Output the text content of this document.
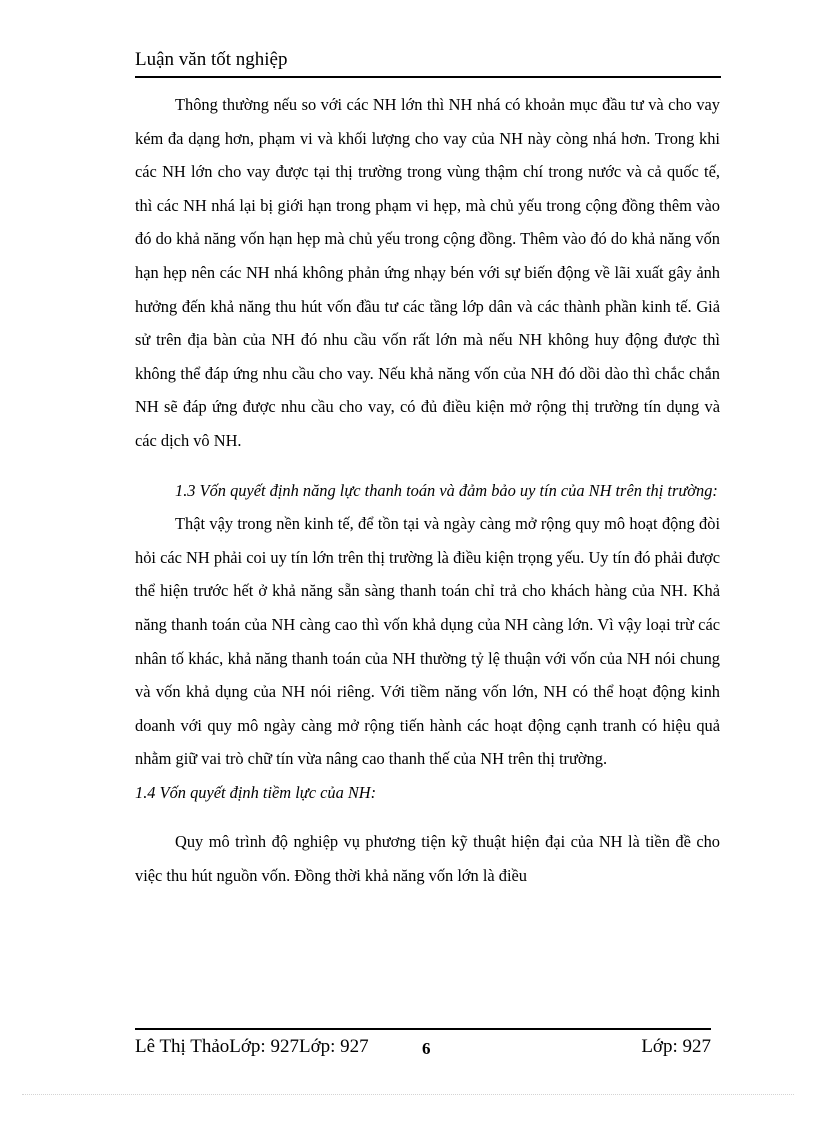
Luận văn tốt nghiệp

Thông thường nếu so với các NH lớn thì NH nhá có khoản mục đầu tư và cho vay kém đa dạng hơn, phạm vi và khối lượng cho vay của NH này còng nhá hơn. Trong khi các NH lớn cho vay được tại thị trường trong vùng thậm chí trong nước và cả quốc tế, thì các NH nhá lại bị giới hạn trong phạm vi hẹp, mà chủ yếu trong cộng đồng thêm vào đó do khả năng vốn hạn hẹp mà chủ yếu trong cộng đồng. Thêm vào đó do khả năng vốn hạn hẹp nên các NH nhá không phản ứng nhạy bén với sự biến động về lãi xuất gây ảnh hưởng đến khả năng thu hút vốn đầu tư các tầng lớp dân và các thành phần kinh tế. Giả sử trên địa bàn của NH đó nhu cầu vốn rất lớn mà nếu NH không huy động được thì không thể đáp ứng nhu cầu cho vay. Nếu khả năng vốn của NH đó dồi dào thì chắc chắn NH sẽ đáp ứng được nhu cầu cho vay, có đủ điều kiện mở rộng thị trường tín dụng và các dịch vô NH.

1.3 Vốn quyết định năng lực thanh toán và đảm bảo uy tín của NH trên thị trường:

Thật vậy trong nền kinh tế, để tồn tại và ngày càng mở rộng quy mô hoạt động đòi hỏi các NH phải coi uy tín lớn trên thị trường là điều kiện trọng yếu. Uy tín đó phải được thể hiện trước hết ở khả năng sẵn sàng thanh toán chỉ trả cho khách hàng của NH. Khả năng thanh toán của NH càng cao thì vốn khả dụng của NH càng lớn. Vì vậy loại trừ các nhân tố khác, khả năng thanh toán của NH thường tỷ lệ thuận với vốn của NH nói chung và vốn khả dụng của NH nói riêng. Với tiềm năng vốn lớn, NH có thể hoạt động kinh doanh với quy mô ngày càng mở rộng tiến hành các hoạt động cạnh tranh có hiệu quả nhằm giữ vai trò chữ tín vừa nâng cao thanh thế của NH trên thị trường.

1.4 Vốn quyết định tiềm lực của NH:

Quy mô trình độ nghiệp vụ phương tiện kỹ thuật hiện đại của NH là tiền đề cho việc thu hút nguồn vốn. Đồng thời khả năng vốn lớn là điều

Lê Thị ThảoLớp: 927Lớp: 927	6	Lớp: 927
